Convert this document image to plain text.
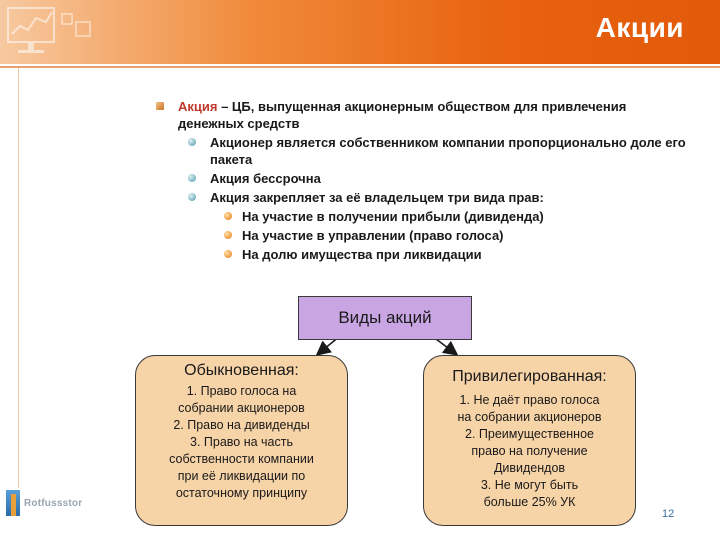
Акции
Акция – ЦБ, выпущенная акционерным обществом для привлечения денежных средств
Акционер является собственником компании пропорционально доле его пакета
Акция бессрочна
Акция закрепляет за её владельцем три вида прав:
На участие в получении прибыли (дивиденда)
На участие в управлении (право голоса)
На долю имущества при ликвидации
Виды акций
Обыкновенная:
1. Право голоса на
собрании акционеров
2. Право на дивиденды
3. Право на часть
собственности компании
при её ликвидации по
остаточному принципу
Привилегированная:
1. Не даёт право голоса
на собрании акционеров
2. Преимущественное
право на получение
Дивидендов
3. Не могут быть
больше 25% УК
Rotfussstor
12
